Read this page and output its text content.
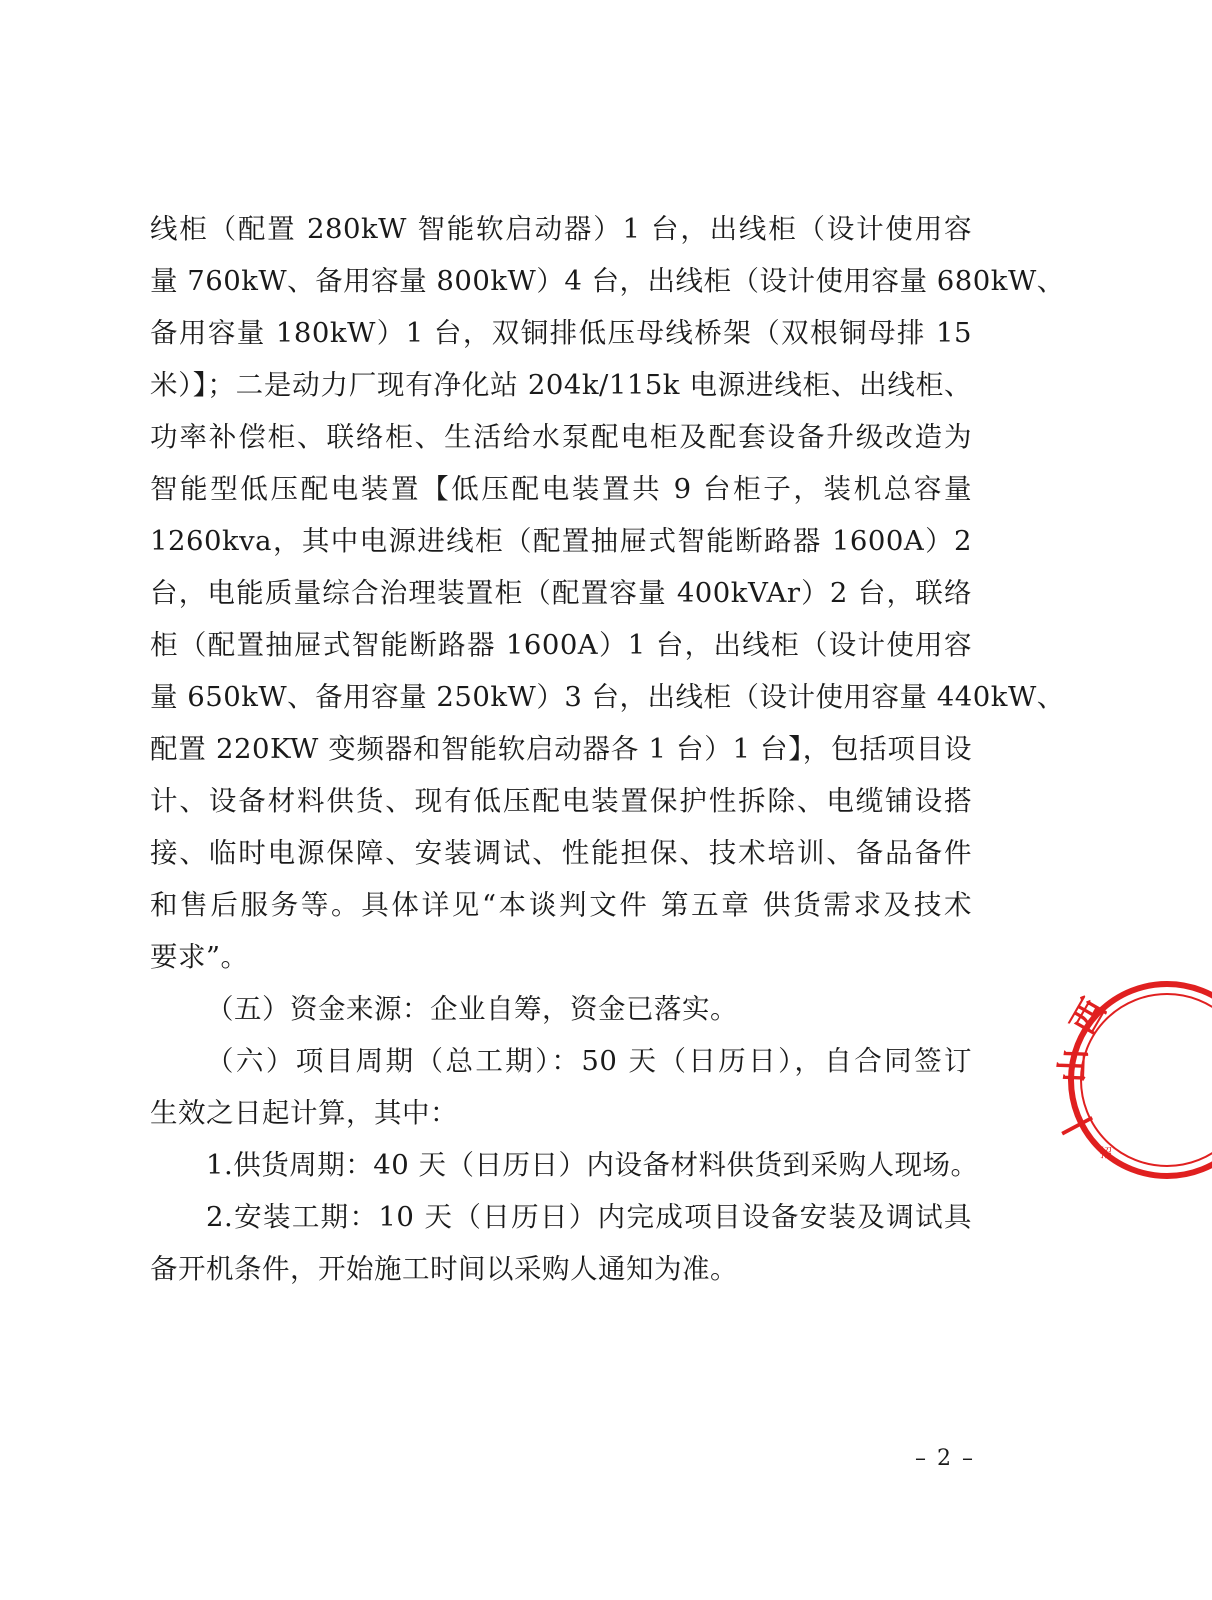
线柜（配置 280kW 智能软启动器）1 台，出线柜（设计使用容
量 760kW、备用容量 800kW）4 台，出线柜（设计使用容量 680kW、
备用容量 180kW）1 台，双铜排低压母线桥架（双根铜母排 15
米）】；二是动力厂现有净化站 204k/115k 电源进线柜、出线柜、
功率补偿柜、联络柜、生活给水泵配电柜及配套设备升级改造为
智能型低压配电装置【低压配电装置共 9 台柜子，装机总容量
1260kva，其中电源进线柜（配置抽屉式智能断路器 1600A）2
台，电能质量综合治理装置柜（配置容量 400kVAr）2 台，联络
柜（配置抽屉式智能断路器 1600A）1 台，出线柜（设计使用容
量 650kW、备用容量 250kW）3 台，出线柜（设计使用容量 440kW、
配置 220KW 变频器和智能软启动器各 1 台）1 台】，包括项目设
计、设备材料供货、现有低压配电装置保护性拆除、电缆铺设搭
接、临时电源保障、安装调试、性能担保、技术培训、备品备件
和售后服务等。具体详见“本谈判文件 第五章 供货需求及技术
要求”。
（五）资金来源：企业自筹，资金已落实。
（六）项目周期（总工期）：50 天（日历日），自合同签订
生效之日起计算，其中：
1.供货周期：40 天（日历日）内设备材料供货到采购人现场。
2.安装工期：10 天（日历日）内完成项目设备安装及调试具
备开机条件，开始施工时间以采购人通知为准。
西
山
|
招
– 2 –
